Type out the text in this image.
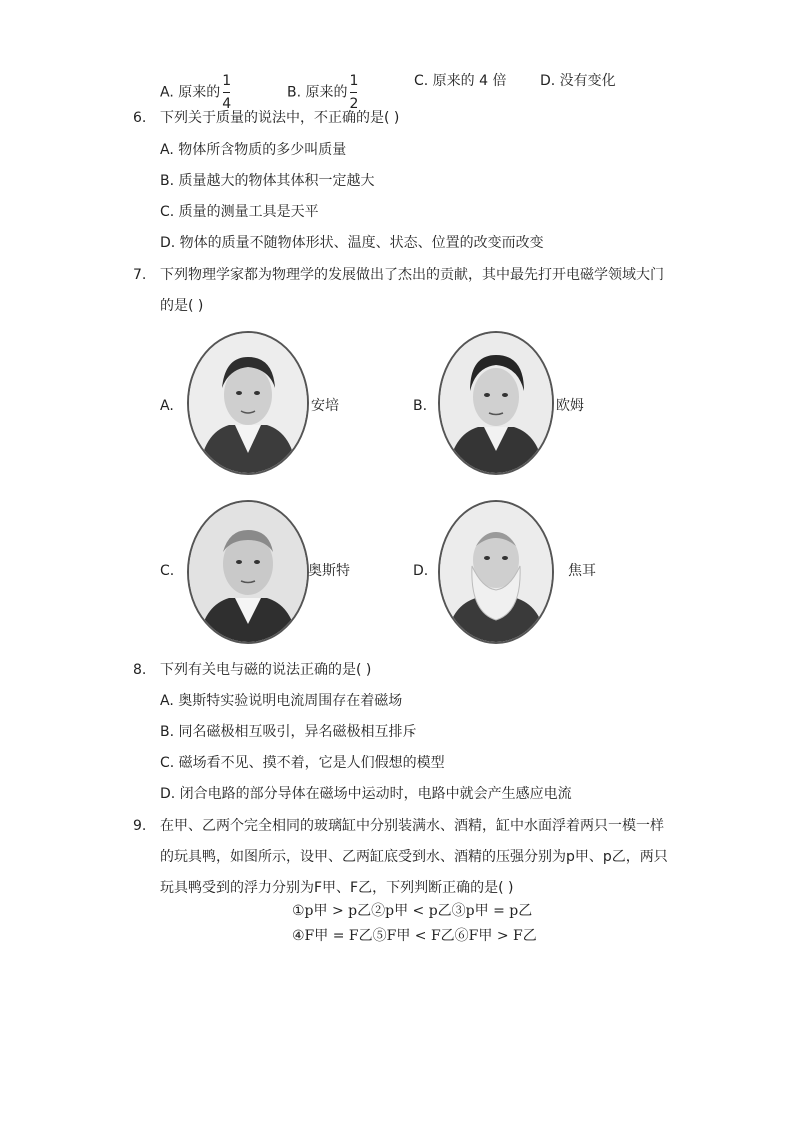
A. 原来的 $\frac{1}{4}$	B. 原来的 $\frac{1}{2}$	C. 原来的 4 倍 D. 没有变化
6. 下列关于质量的说法中，不正确的是( )
A. 物体所含物质的多少叫质量
B. 质量越大的物体其体积一定越大
C. 质量的测量工具是天平
D. 物体的质量不随物体形状、温度、状态、位置的改变而改变
7. 下列物理学家都为物理学的发展做出了杰出的贡献，其中最先打开电磁学领域大门
的是( )
A.	安培	B.	欧姆
C.	奥斯特	D.	焦耳
8. 下列有关电与磁的说法正确的是( )
A. 奥斯特实验说明电流周围存在着磁场
B. 同名磁极相互吸引，异名磁极相互排斥
C. 磁场看不见、摸不着，它是人们假想的模型
D. 闭合电路的部分导体在磁场中运动时，电路中就会产生感应电流
9. 在甲、乙两个完全相同的玻璃缸中分别装满水、酒精，缸中水面浮着两只一模一样
的玩具鸭，如图所示，设甲、乙两缸底受到水、酒精的压强分别为p甲、p乙，两只
玩具鸭受到的浮力分别为F甲、F乙，下列判断正确的是( )
①p甲 > p乙②p甲 < p乙③p甲 = p乙
④F甲 = F乙⑤F甲 < F乙⑥F甲 > F乙
